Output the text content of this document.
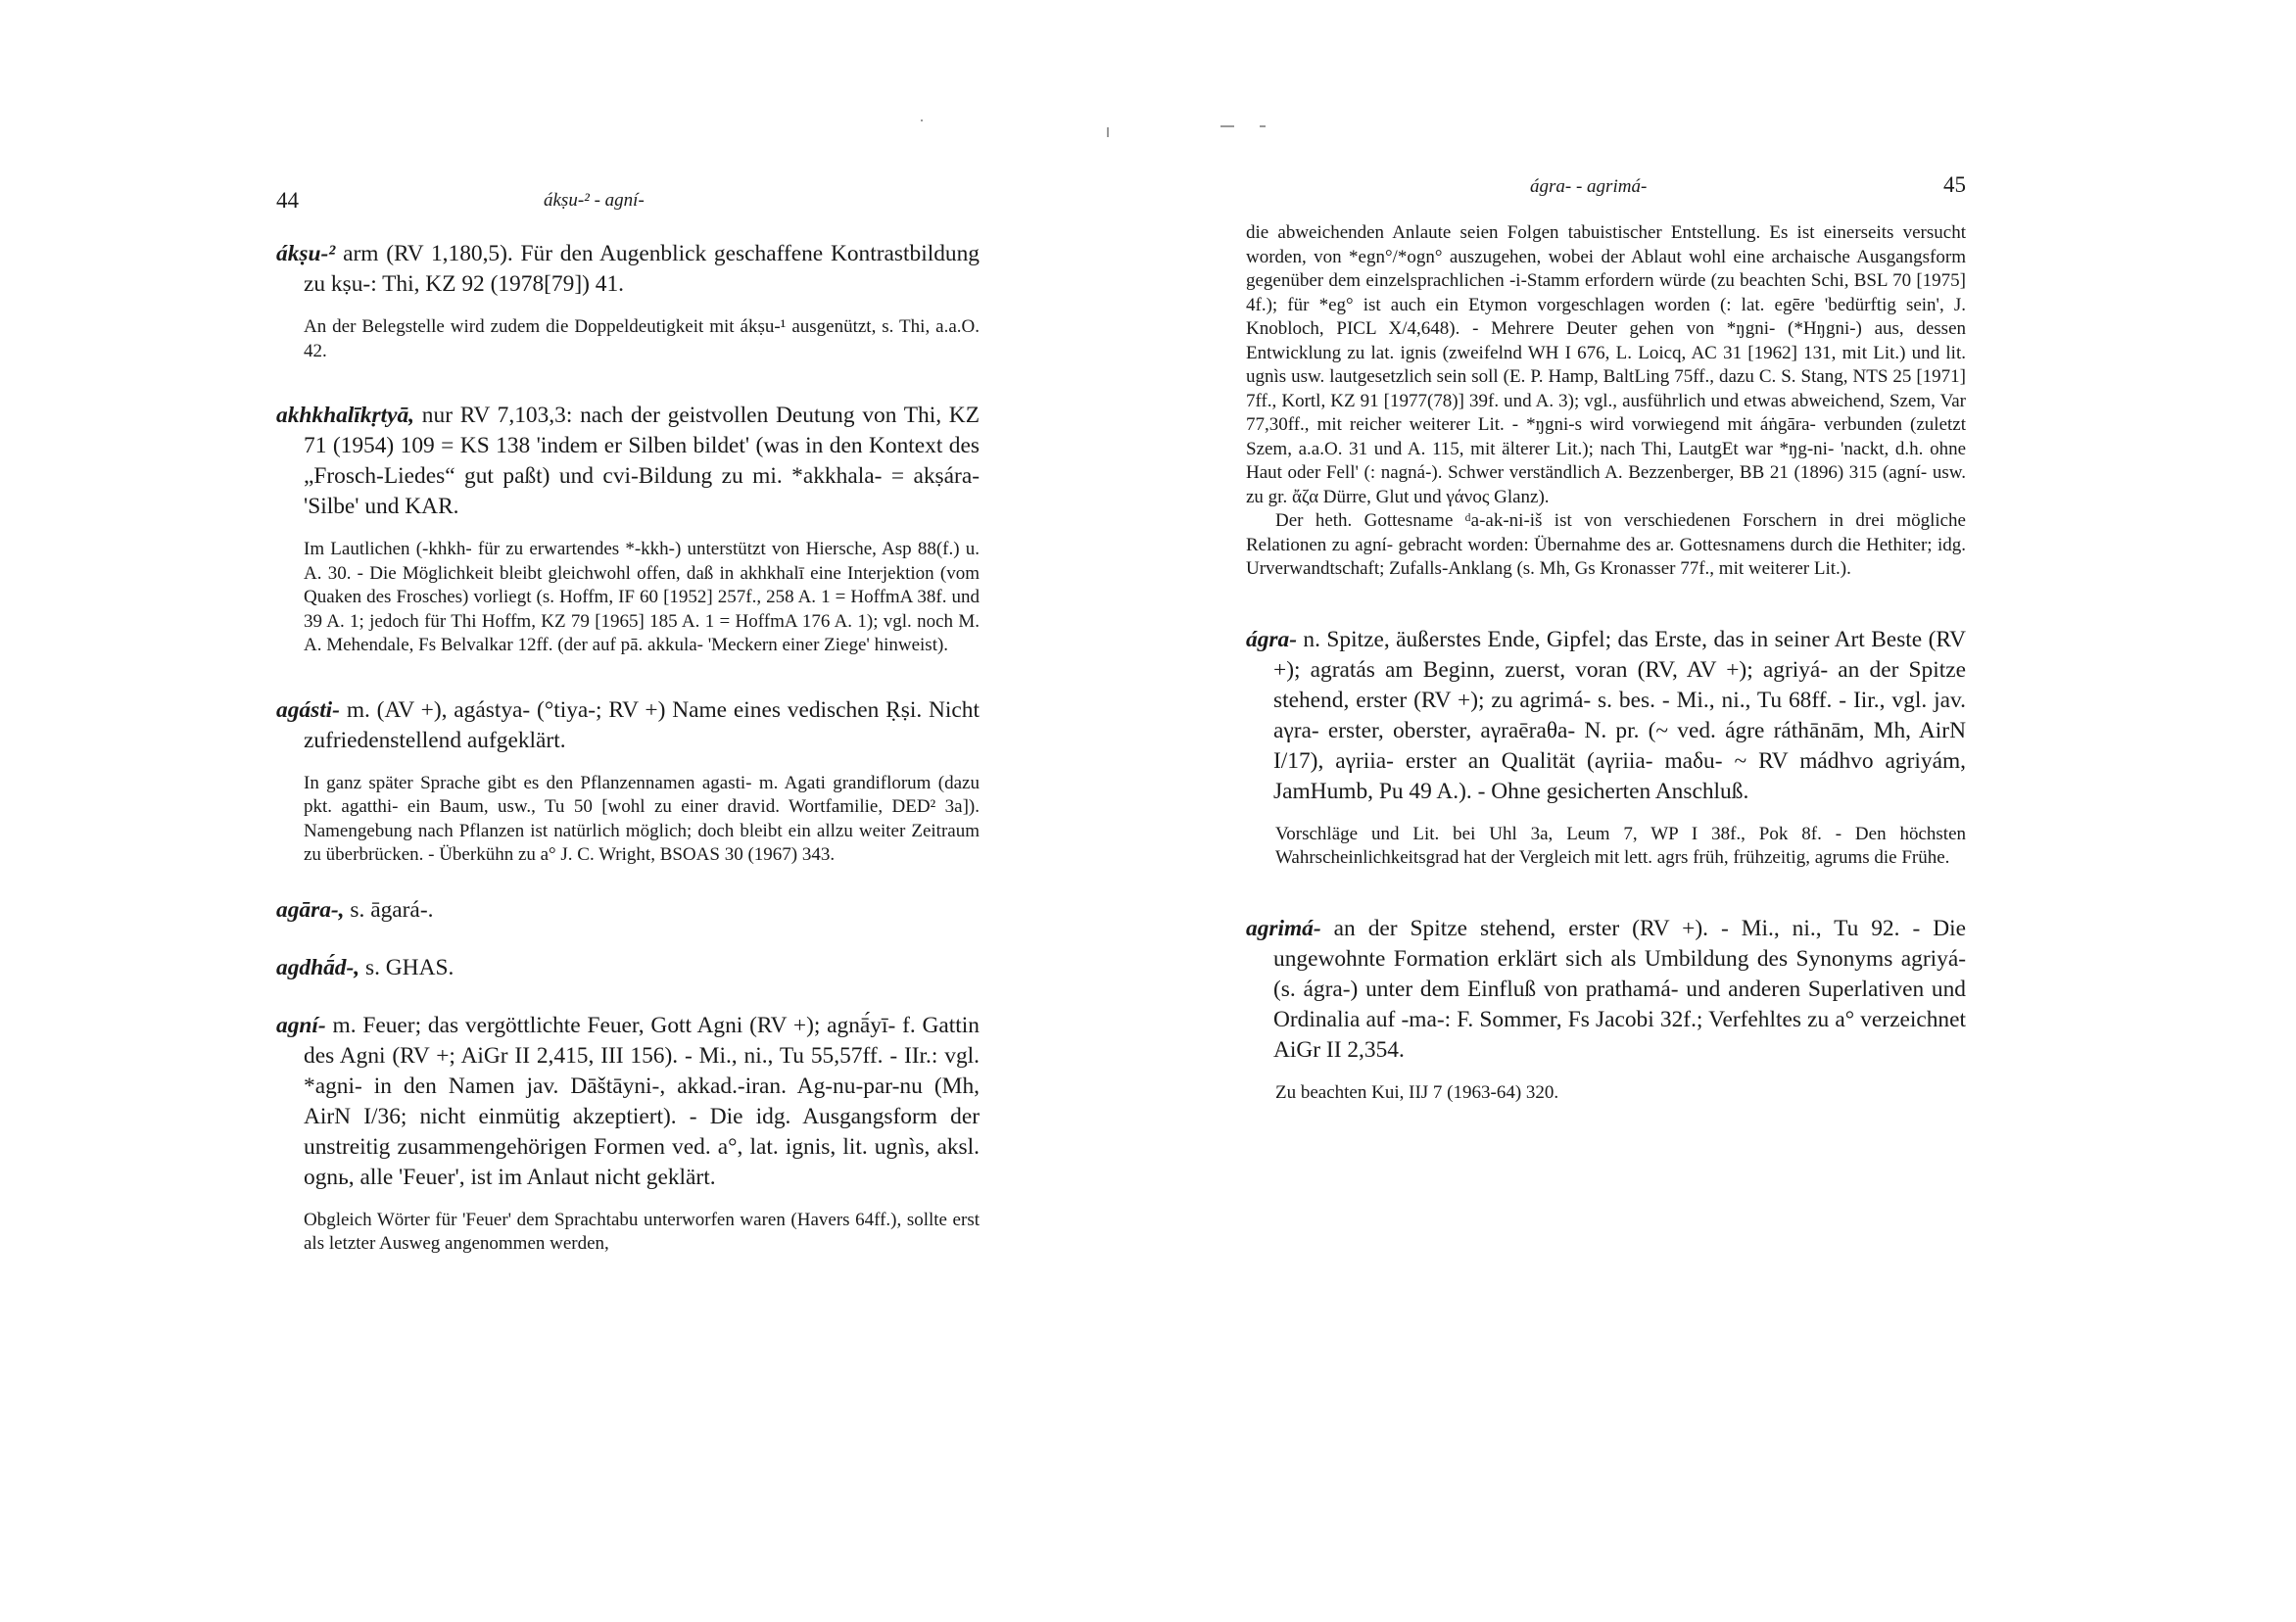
44	ákṣu-² - agní-

ákṣu-² arm (RV 1,180,5). Für den Augenblick geschaffene Kontrastbildung zu kṣu-: Thi, KZ 92 (1978[79]) 41.

An der Belegstelle wird zudem die Doppeldeutigkeit mit ákṣu-¹ ausgenützt, s. Thi, a.a.O. 42.

akhkhalīkṛtyā, nur RV 7,103,3: nach der geistvollen Deutung von Thi, KZ 71 (1954) 109 = KS 138 'indem er Silben bildet' (was in den Kontext des „Frosch-Liedes“ gut paßt) und cvi-Bildung zu mi. *akkhala- = akṣára- 'Silbe' und KAR.

Im Lautlichen (-khkh- für zu erwartendes *-kkh-) unterstützt von Hiersche, Asp 88(f.) u. A. 30. - Die Möglichkeit bleibt gleichwohl offen, daß in akhkhalī eine Interjektion (vom Quaken des Frosches) vorliegt (s. Hoffm, IF 60 [1952] 257f., 258 A. 1 = HoffmA 38f. und 39 A. 1; jedoch für Thi Hoffm, KZ 79 [1965] 185 A. 1 = HoffmA 176 A. 1); vgl. noch M. A. Mehendale, Fs Belvalkar 12ff. (der auf pā. akkula- 'Meckern einer Ziege' hinweist).

agásti- m. (AV +), agástya- (°tiya-; RV +) Name eines vedischen Ṛṣi. Nicht zufriedenstellend aufgeklärt.

In ganz später Sprache gibt es den Pflanzennamen agasti- m. Agati grandiflorum (dazu pkt. agatthi- ein Baum, usw., Tu 50 [wohl zu einer dravid. Wortfamilie, DED² 3a]). Namengebung nach Pflanzen ist natürlich möglich; doch bleibt ein allzu weiter Zeitraum zu überbrücken. - Überkühn zu a° J. C. Wright, BSOAS 30 (1967) 343.

agāra-, s. āgará-.

agdhā́d-, s. GHAS.

agní- m. Feuer; das vergöttlichte Feuer, Gott Agni (RV +); agnā́yī- f. Gattin des Agni (RV +; AiGr II 2,415, III 156). - Mi., ni., Tu 55,57ff. - IIr.: vgl. *agni- in den Namen jav. Dāštāyni-, akkad.-iran. Ag-nu-par-nu (Mh, AirN I/36; nicht einmütig akzeptiert). - Die idg. Ausgangsform der unstreitig zusammengehörigen Formen ved. a°, lat. ignis, lit. ugnìs, aksl. ognь, alle 'Feuer', ist im Anlaut nicht geklärt.

Obgleich Wörter für 'Feuer' dem Sprachtabu unterworfen waren (Havers 64ff.), sollte erst als letzter Ausweg angenommen werden,

ágra- - agrimá-	45

die abweichenden Anlaute seien Folgen tabuistischer Entstellung. Es ist einerseits versucht worden, von *egn°/*ogn° auszugehen, wobei der Ablaut wohl eine archaische Ausgangsform gegenüber dem einzelsprachlichen -i-Stamm erfordern würde (zu beachten Schi, BSL 70 [1975] 4f.); für *eg° ist auch ein Etymon vorgeschlagen worden (: lat. egēre 'bedürftig sein', J. Knobloch, PICL X/4,648). - Mehrere Deuter gehen von *ŋgni- (*Hŋgni-) aus, dessen Entwicklung zu lat. ignis (zweifelnd WH I 676, L. Loicq, AC 31 [1962] 131, mit Lit.) und lit. ugnìs usw. lautgesetzlich sein soll (E. P. Hamp, BaltLing 75ff., dazu C. S. Stang, NTS 25 [1971] 7ff., Kortl, KZ 91 [1977(78)] 39f. und A. 3); vgl., ausführlich und etwas abweichend, Szem, Var 77,30ff., mit reicher weiterer Lit. - *ŋgni-s wird vorwiegend mit áṅgāra- verbunden (zuletzt Szem, a.a.O. 31 und A. 115, mit älterer Lit.); nach Thi, LautgEt war *ŋg-ni- 'nackt, d.h. ohne Haut oder Fell' (: nagná-). Schwer verständlich A. Bezzenberger, BB 21 (1896) 315 (agní- usw. zu gr. ἄζα Dürre, Glut und γάνος Glanz).

Der heth. Gottesname ᵈa-ak-ni-iš ist von verschiedenen Forschern in drei mögliche Relationen zu agní- gebracht worden: Übernahme des ar. Gottesnamens durch die Hethiter; idg. Urverwandtschaft; Zufalls-Anklang (s. Mh, Gs Kronasser 77f., mit weiterer Lit.).

ágra- n. Spitze, äußerstes Ende, Gipfel; das Erste, das in seiner Art Beste (RV +); agratás am Beginn, zuerst, voran (RV, AV +); agriyá- an der Spitze stehend, erster (RV +); zu agrimá- s. bes. - Mi., ni., Tu 68ff. - Iir., vgl. jav. aγra- erster, oberster, aγraēraθa- N. pr. (~ ved. ágre ráthānām, Mh, AirN I/17), aγriia- erster an Qualität (aγriia- maδu- ~ RV mádhvo agriyám, JamHumb, Pu 49 A.). - Ohne gesicherten Anschluß.

Vorschläge und Lit. bei Uhl 3a, Leum 7, WP I 38f., Pok 8f. - Den höchsten Wahrscheinlichkeitsgrad hat der Vergleich mit lett. agrs früh, frühzeitig, agrums die Frühe.

agrimá- an der Spitze stehend, erster (RV +). - Mi., ni., Tu 92. - Die ungewohnte Formation erklärt sich als Umbildung des Synonyms agriyá- (s. ágra-) unter dem Einfluß von prathamá- und anderen Superlativen und Ordinalia auf -ma-: F. Sommer, Fs Jacobi 32f.; Verfehltes zu a° verzeichnet AiGr II 2,354.

Zu beachten Kui, IIJ 7 (1963-64) 320.
